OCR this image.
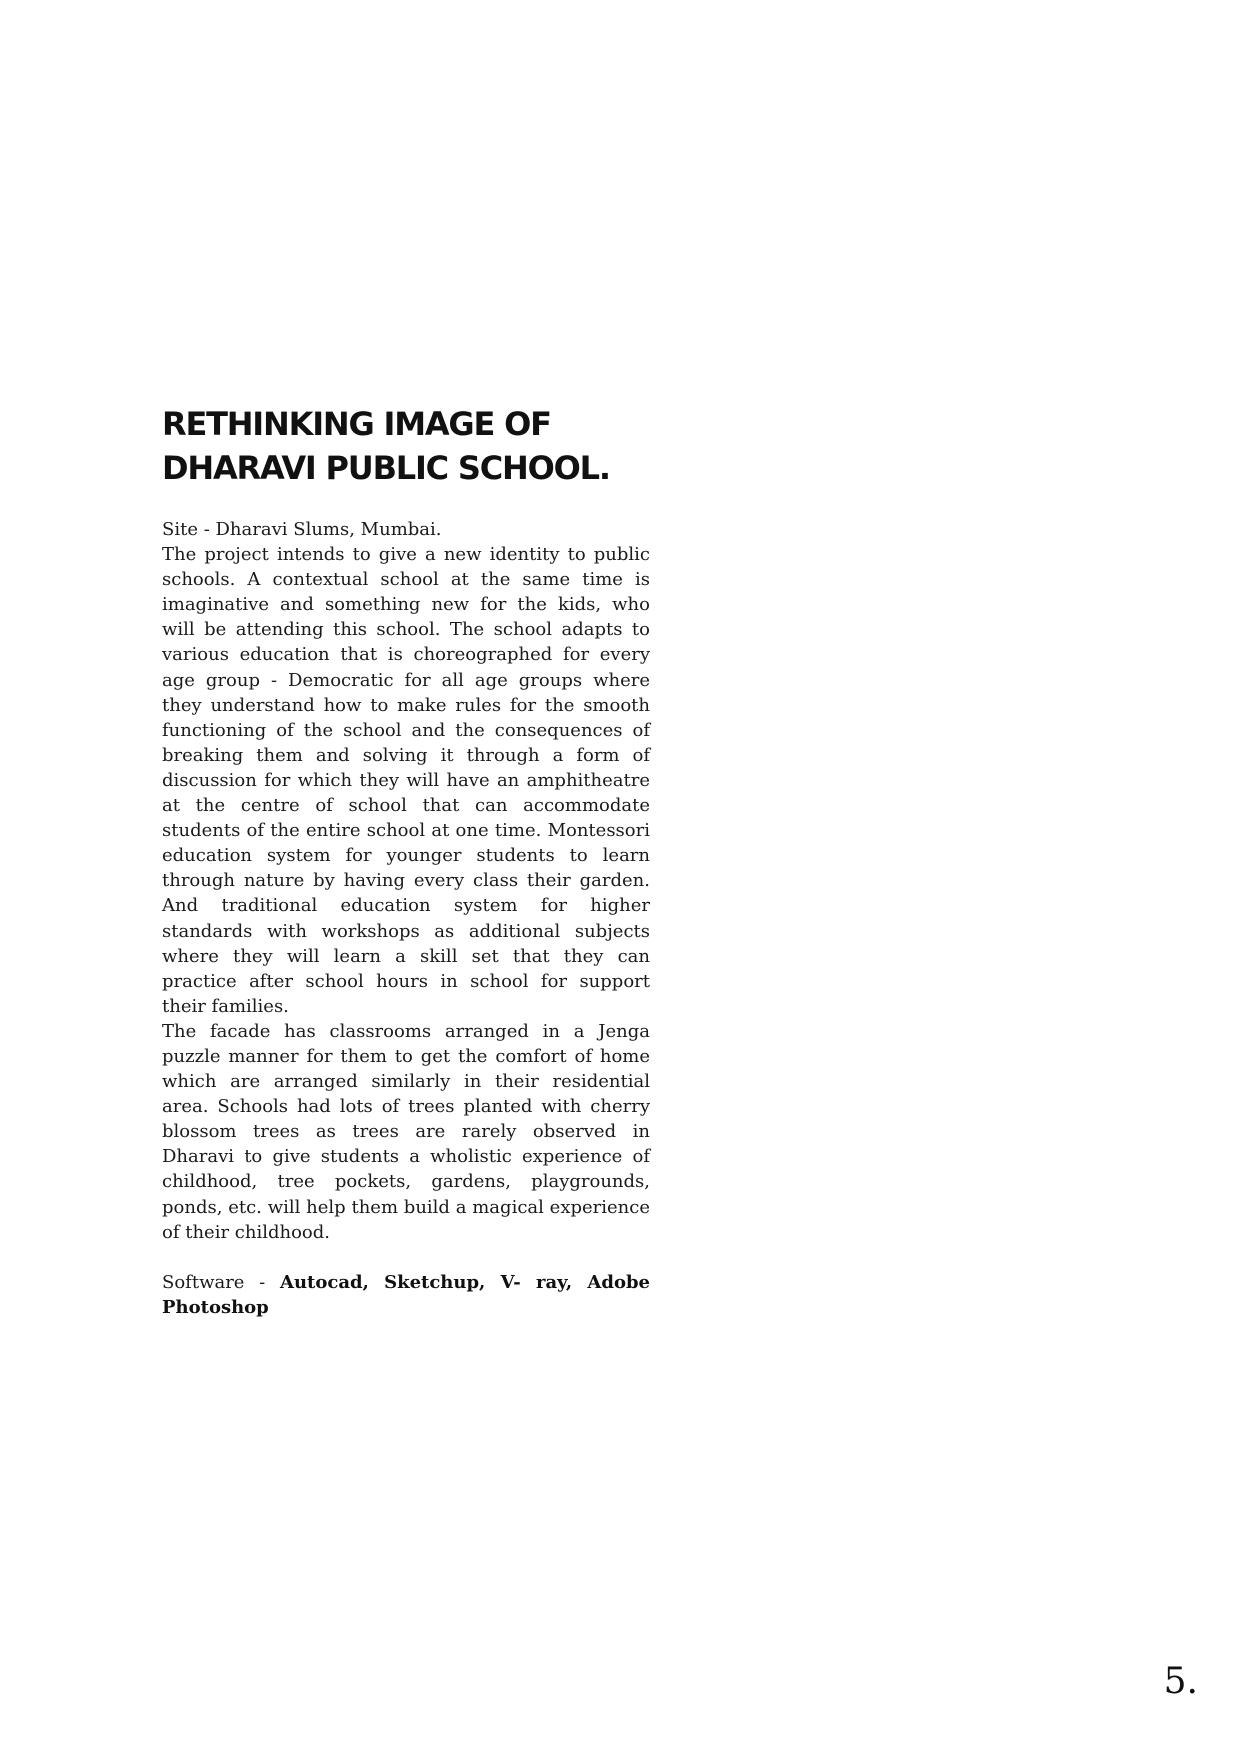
RETHINKING IMAGE OF
DHARAVI PUBLIC SCHOOL.

Site - Dharavi Slums, Mumbai.

The project intends to give a new identity to public schools. A contextual school at the same time is imaginative and something new for the kids, who will be attending this school. The school adapts to various education that is choreographed for every age group - Democratic for all age groups where they understand how to make rules for the smooth functioning of the school and the consequences of breaking them and solving it through a form of discussion for which they will have an amphitheatre at the centre of school that can accommodate students of the entire school at one time. Montessori education system for younger students to learn through nature by having every class their garden. And traditional education system for higher standards with workshops as additional subjects where they will learn a skill set that they can practice after school hours in school for support their families.

The facade has classrooms arranged in a Jenga puzzle manner for them to get the comfort of home which are arranged similarly in their residential area. Schools had lots of trees planted with cherry blossom trees as trees are rarely observed in Dharavi to give students a wholistic experience of childhood, tree pockets, gardens, playgrounds, ponds, etc. will help them build a magical experience of their childhood.

Software - Autocad, Sketchup, V- ray, Adobe Photoshop

5.
